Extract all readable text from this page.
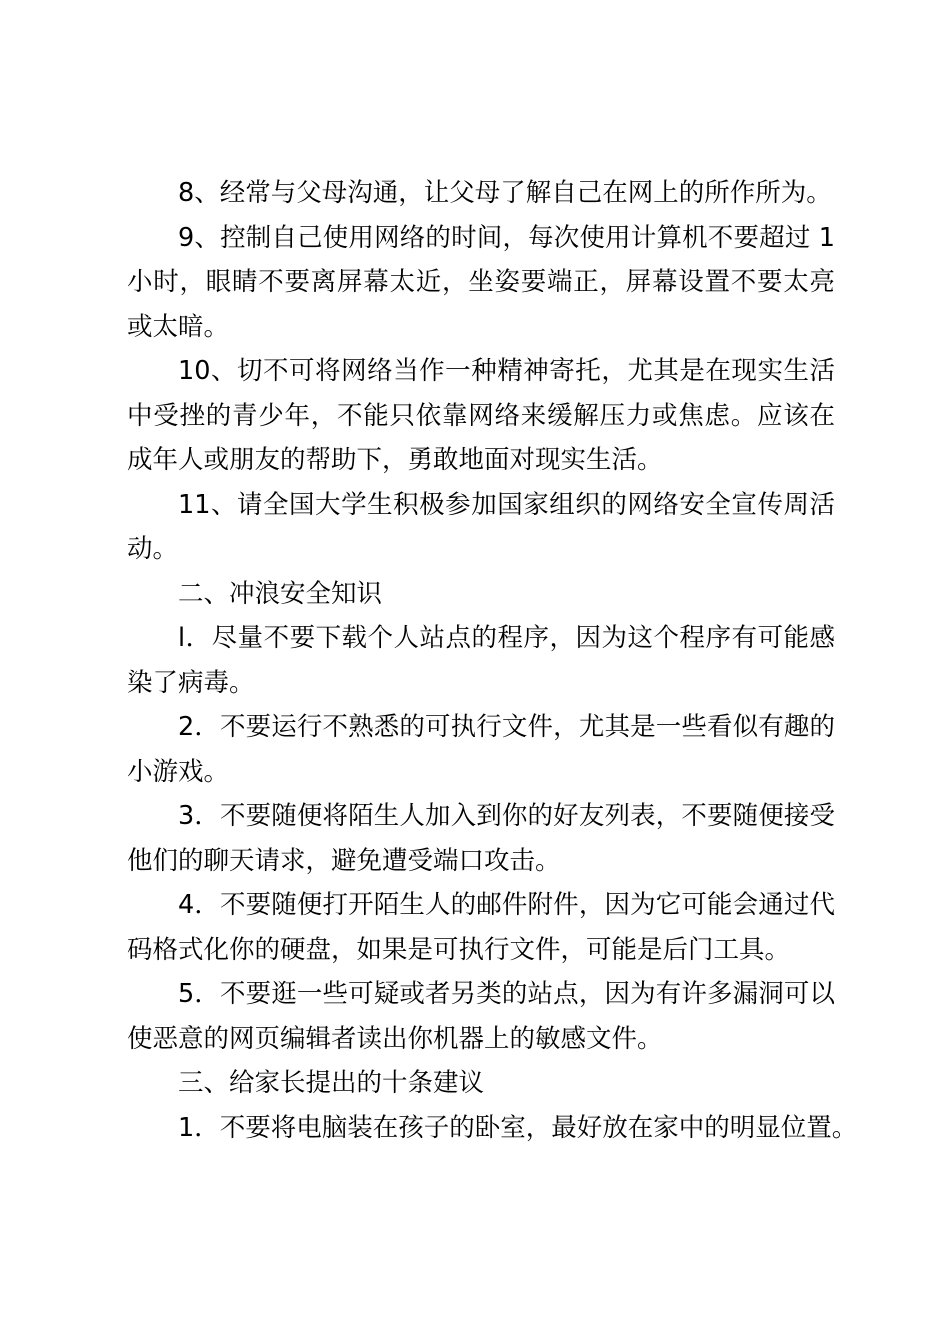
8、经常与父母沟通，让父母了解自己在网上的所作所为。

9、控制自己使用网络的时间，每次使用计算机不要超过 1 小时，眼睛不要离屏幕太近，坐姿要端正，屏幕设置不要太亮或太暗。

10、切不可将网络当作一种精神寄托，尤其是在现实生活中受挫的青少年，不能只依靠网络来缓解压力或焦虑。应该在成年人或朋友的帮助下，勇敢地面对现实生活。

11、请全国大学生积极参加国家组织的网络安全宣传周活动。

二、冲浪安全知识

l．尽量不要下载个人站点的程序，因为这个程序有可能感染了病毒。

2．不要运行不熟悉的可执行文件，尤其是一些看似有趣的小游戏。

3．不要随便将陌生人加入到你的好友列表，不要随便接受他们的聊天请求，避免遭受端口攻击。

4．不要随便打开陌生人的邮件附件，因为它可能会通过代码格式化你的硬盘，如果是可执行文件，可能是后门工具。

5．不要逛一些可疑或者另类的站点，因为有许多漏洞可以使恶意的网页编辑者读出你机器上的敏感文件。

三、给家长提出的十条建议

1．不要将电脑装在孩子的卧室，最好放在家中的明显位置。
